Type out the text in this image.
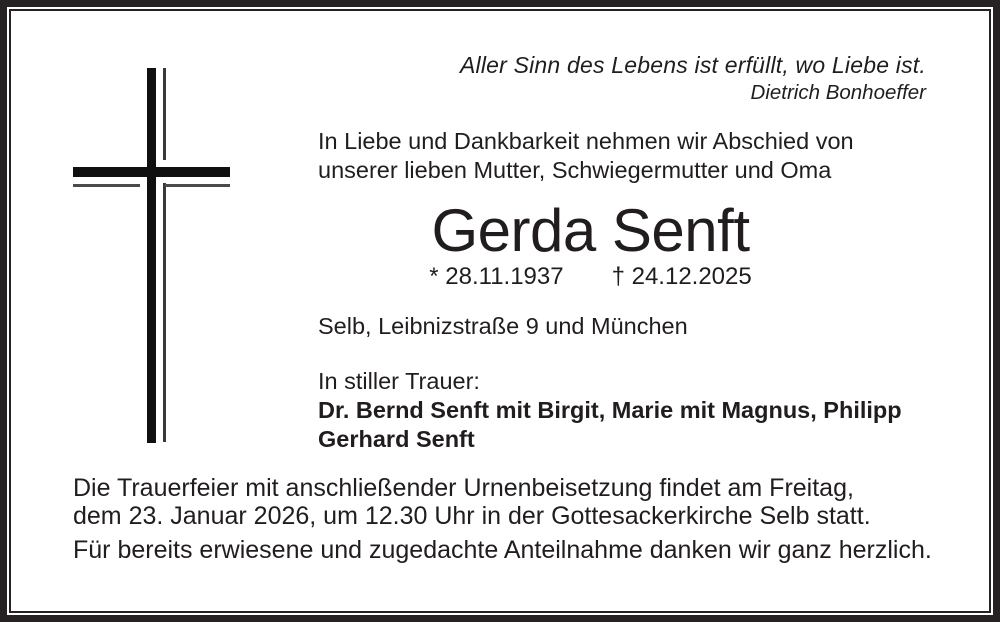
Aller Sinn des Lebens ist erfüllt, wo Liebe ist.
Dietrich Bonhoeffer
In Liebe und Dankbarkeit nehmen wir Abschied von
unserer lieben Mutter, Schwiegermutter und Oma
Gerda Senft
* 28.11.1937 † 24.12.2025
Selb, Leibnizstraße 9 und München
In stiller Trauer:
Dr. Bernd Senft mit Birgit, Marie mit Magnus, Philipp
Gerhard Senft
Die Trauerfeier mit anschließender Urnenbeisetzung findet am Freitag,
dem 23. Januar 2026, um 12.30 Uhr in der Gottesackerkirche Selb statt.
Für bereits erwiesene und zugedachte Anteilnahme danken wir ganz herzlich.
